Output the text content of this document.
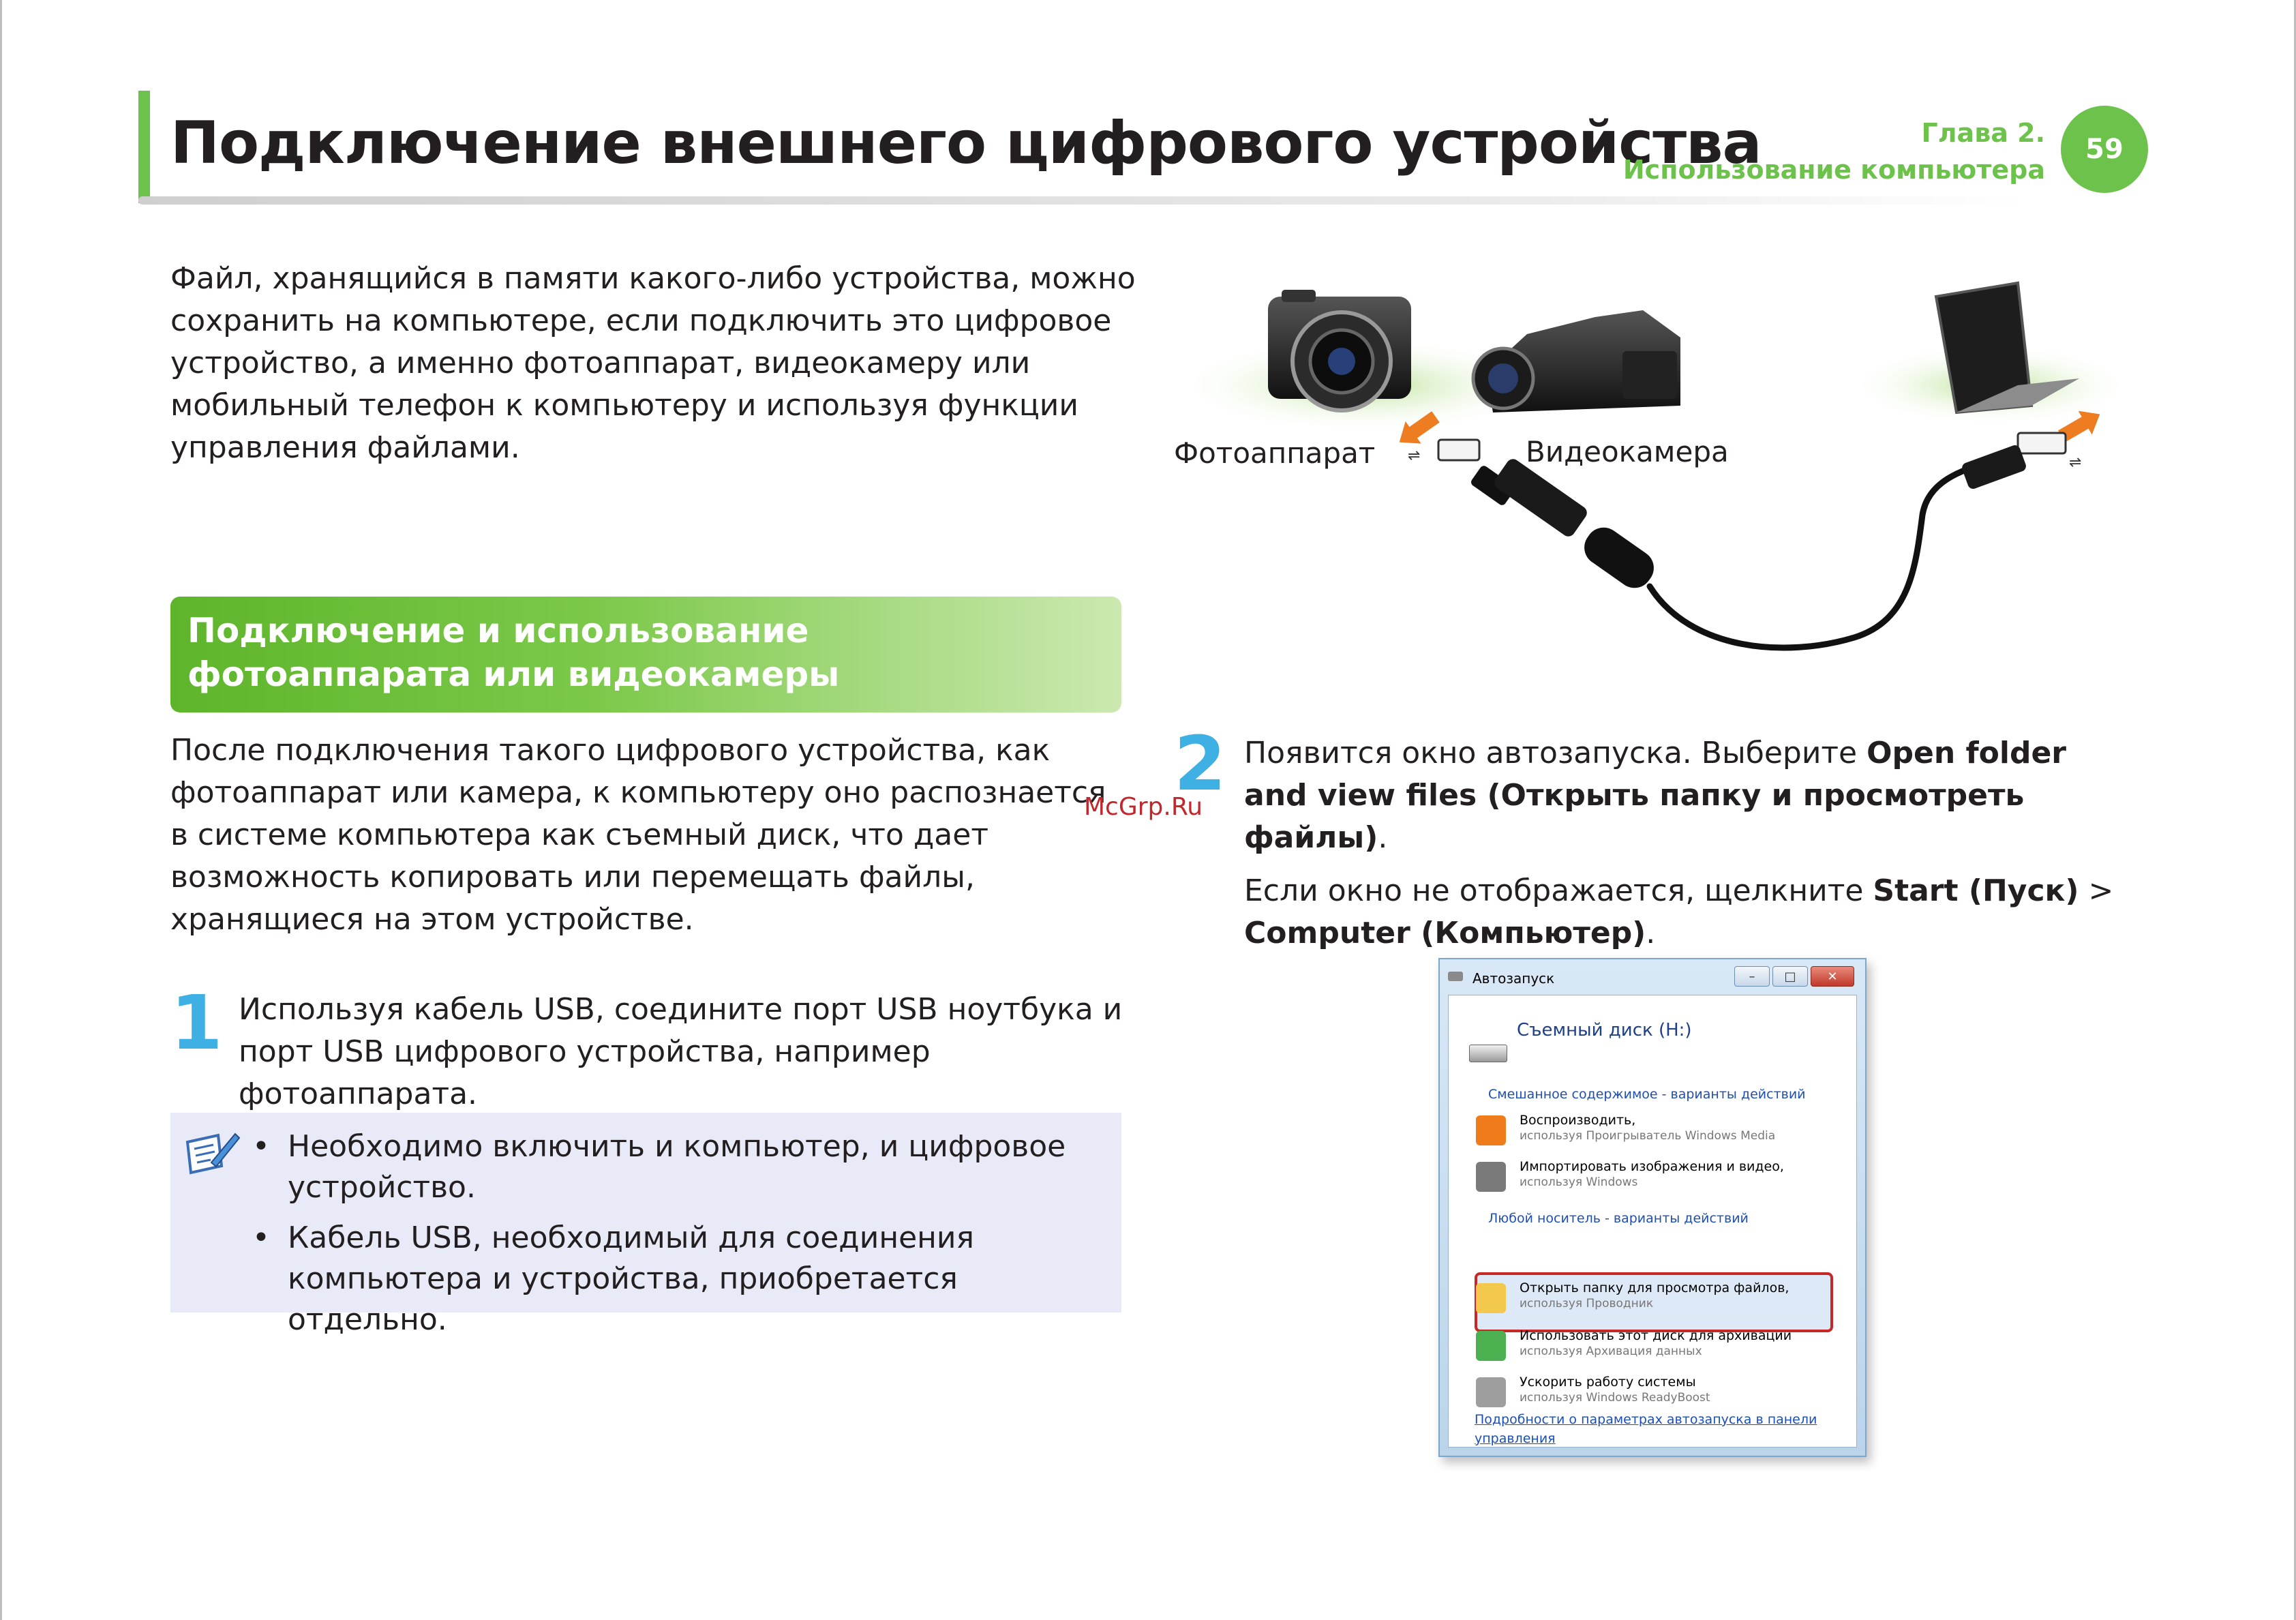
Подключение внешнего цифрового устройства	Глава 2.
Использование компьютера
59
Файл, хранящийся в памяти какого-либо устройства, можно сохранить на компьютере, если подключить это цифровое устройство, а именно фотоаппарат, видеокамеру или мобильный телефон к компьютеру и используя функции управления файлами.	⇌	⇌
Фотоаппарат	Видеокамера
Подключение и использование
фотоаппарата или видеокамеры
После подключения такого цифрового устройства, как фотоаппарат или камера, к компьютеру оно распознается в системе компьютера как съемный диск, что дает возможность копировать или перемещать файлы, хранящиеся на этом устройстве.
McGrp.Ru
1 Используя кабель USB, соедините порт USB ноутбука и порт USB цифрового устройства, например фотоаппарата.
• Необходимо включить и компьютер, и цифровое устройство.
• Кабель USB, необходимый для соединения компьютера и устройства, приобретается отдельно.
2 Появится окно автозапуска. Выберите Open folder and view files (Открыть папку и просмотреть файлы).

Если окно не отображается, щелкните Start (Пуск) > Computer (Компьютер).

Автозапуск	–	□	✕
Съемный диск (H:)
Смешанное содержимое - варианты действий
Воспроизводить,
используя Проигрыватель Windows Media
Импортировать изображения и видео,
используя Windows
Любой носитель - варианты действий
Открыть папку для просмотра файлов,
используя Проводник
Использовать этот диск для архивации
используя Архивация данных
Ускорить работу системы
используя Windows ReadyBoost
Подробности о параметрах автозапуска в панели управления
